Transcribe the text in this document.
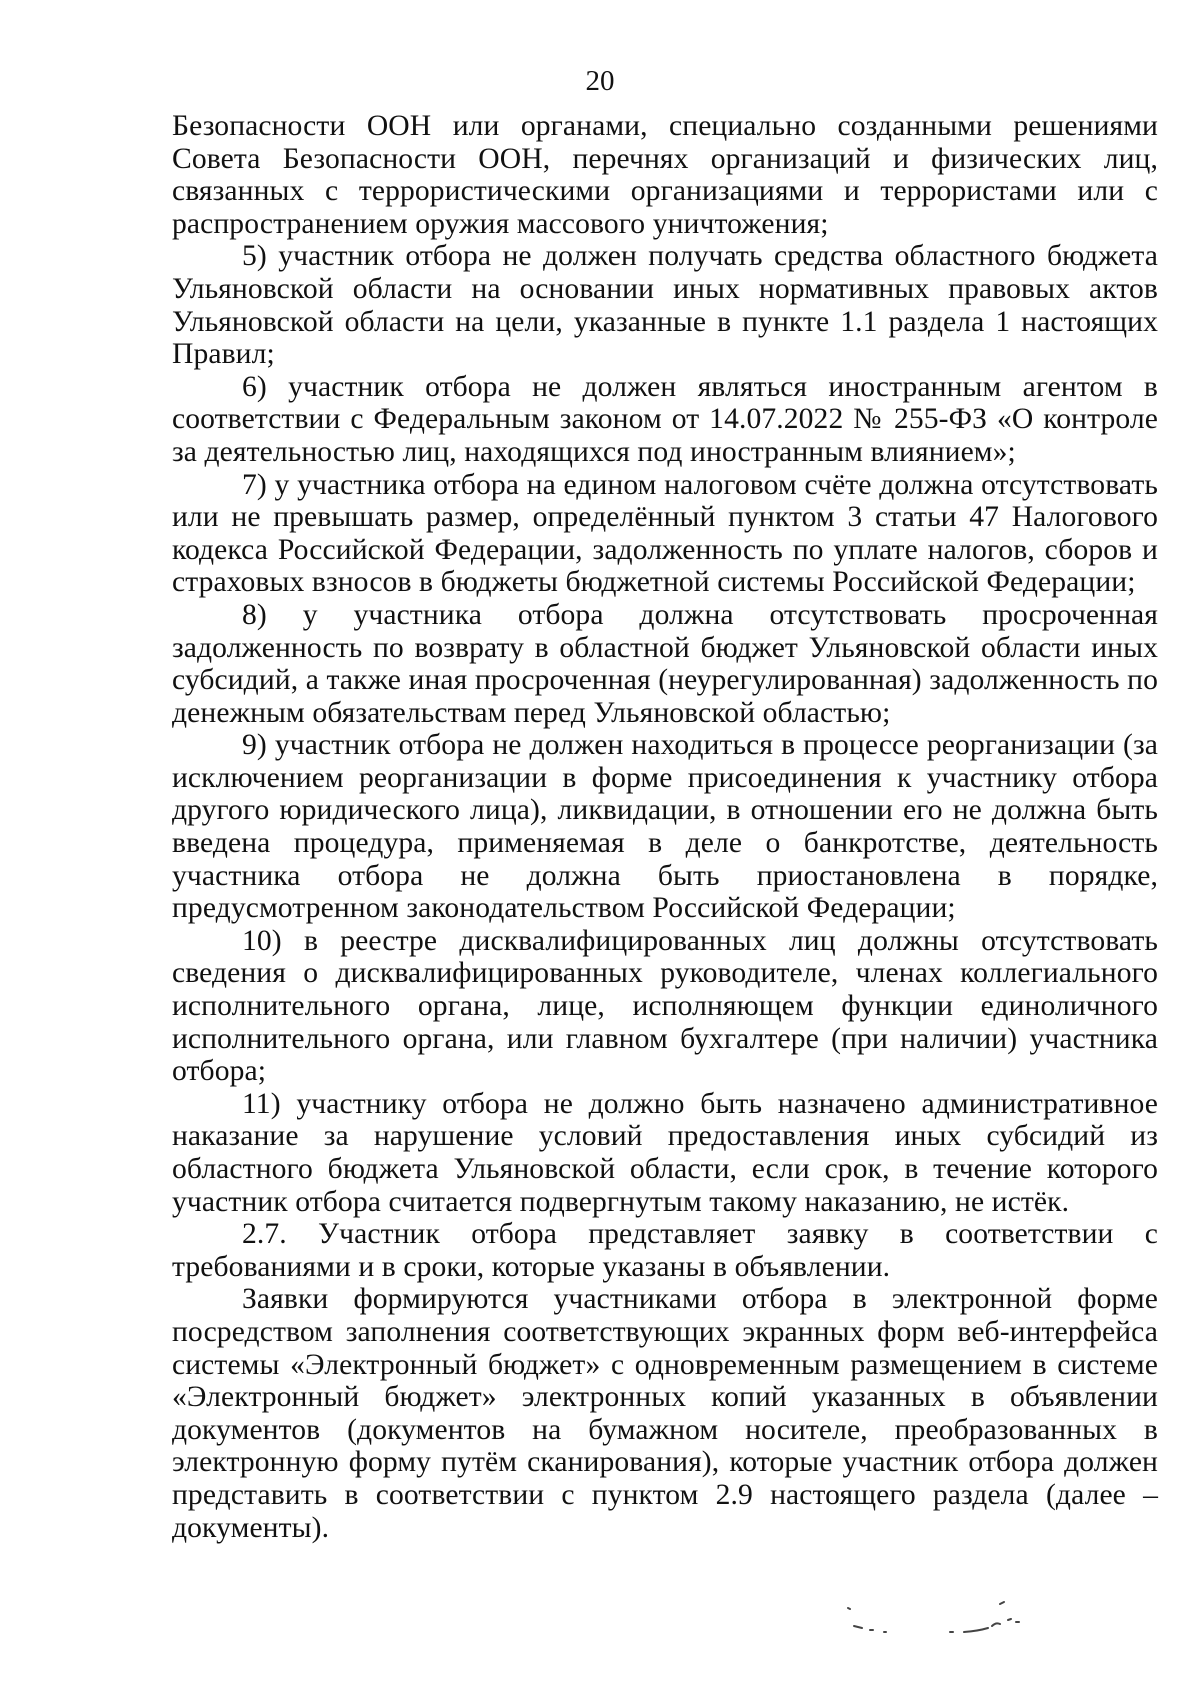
20

Безопасности ООН или органами, специально созданными решениями Совета Безопасности ООН, перечнях организаций и физических лиц, связанных с террористическими организациями и террористами или с распространением оружия массового уничтожения;

5) участник отбора не должен получать средства областного бюджета Ульяновской области на основании иных нормативных правовых актов Ульяновской области на цели, указанные в пункте 1.1 раздела 1 настоящих Правил;

6) участник отбора не должен являться иностранным агентом в соответствии с Федеральным законом от 14.07.2022 № 255-ФЗ «О контроле за деятельностью лиц, находящихся под иностранным влиянием»;

7) у участника отбора на едином налоговом счёте должна отсутствовать или не превышать размер, определённый пунктом 3 статьи 47 Налогового кодекса Российской Федерации, задолженность по уплате налогов, сборов и страховых взносов в бюджеты бюджетной системы Российской Федерации;

8) у участника отбора должна отсутствовать просроченная задолженность по возврату в областной бюджет Ульяновской области иных субсидий, а также иная просроченная (неурегулированная) задолженность по денежным обязательствам перед Ульяновской областью;

9) участник отбора не должен находиться в процессе реорганизации (за исключением реорганизации в форме присоединения к участнику отбора другого юридического лица), ликвидации, в отношении его не должна быть введена процедура, применяемая в деле о банкротстве, деятельность участника отбора не должна быть приостановлена в порядке, предусмотренном законодательством Российской Федерации;

10) в реестре дисквалифицированных лиц должны отсутствовать сведения о дисквалифицированных руководителе, членах коллегиального исполнительного органа, лице, исполняющем функции единоличного исполнительного органа, или главном бухгалтере (при наличии) участника отбора;

11) участнику отбора не должно быть назначено административное наказание за нарушение условий предоставления иных субсидий из областного бюджета Ульяновской области, если срок, в течение которого участник отбора считается подвергнутым такому наказанию, не истёк.

2.7. Участник отбора представляет заявку в соответствии с требованиями и в сроки, которые указаны в объявлении.

Заявки формируются участниками отбора в электронной форме посредством заполнения соответствующих экранных форм веб-интерфейса системы «Электронный бюджет» с одновременным размещением в системе «Электронный бюджет» электронных копий указанных в объявлении документов (документов на бумажном носителе, преобразованных в электронную форму путём сканирования), которые участник отбора должен представить в соответствии с пунктом 2.9 настоящего раздела (далее – документы).
